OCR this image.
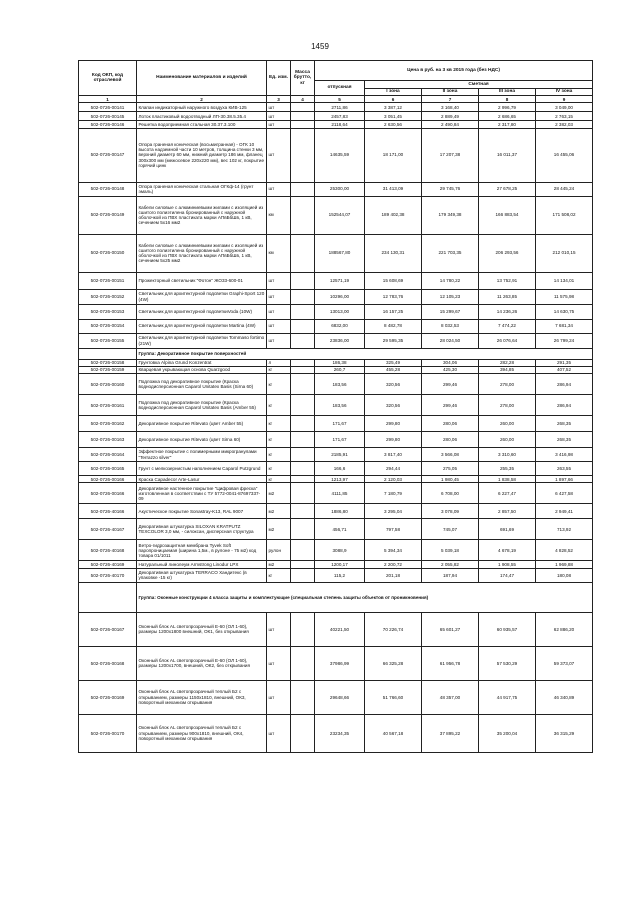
1459
Код ОКП, код отраслевой	Наименование материалов и изделий	Ед. изм.	Масса брутто, кг	Цена в руб. на 3 кв 2015 года (без НДС)				
				отпускная	Сметная			
					I зона	II зона	III зона	IV зона
1	2	3	4	5	6	7	8	9
502-0726-00141	Клапан индикаторный наружного воздуха КИВ-125	шт		2711,86	3 387,12	3 168,40	2 996,79	3 049,00
502-0726-00145	Лоток пластиковый водоотводный ЛП-30.38.5.35.4	шт		2457,83	3 051,45	2 889,49	2 686,65	2 763,15
502-0726-00146	Решетка водоприемная стальная 30.37.3.100	шт		2118,64	2 630,56	2 490,84	2 317,80	2 382,03
502-0726-00147	Опора граненая коническая (восьмигранная) - ОГК 10 высота надземной части 10 метров, толщина стенки 3 мм, верхний диаметр 60 мм, нижний диаметр 186 мм, фланец 300х300 мм (межосевое 220х220 мм), вес 102 кг, покрытие горячий цинк	шт		14635,59	18 171,00	17 207,38	16 011,37	16 455,06
502-0726-00148	Опора граненая коническая стальная ОГКф-14 (грунт эмаль)	шт		25300,00	31 413,09	29 745,76	27 678,25	28 445,24
502-0726-00149	Кабели силовые с алюминиевыми жилами с изоляцией из сшитого полиэтилена бронированный с наружной оболочкой из ПВХ пластиката марки АПвБбШв, 1 кВ, сечением 5х16 мм2	км		152544,07	189 402,38	179 349,38	166 883,54	171 508,02
502-0726-00150	Кабели силовые с алюминиевыми жилами с изоляцией из сшитого полиэтилена бронированный с наружной оболочкой из ПВХ пластиката марки АПвБбШв, 1 кВ, сечением 5х25 мм2	км		188567,80	234 130,31	221 703,35	206 293,56	212 010,15
502-0726-00151	Прожекторный светильник "Фотон" ЖО33-600-01	шт		12571,19	15 608,69	14 780,22	13 752,91	14 134,01
502-0726-00152	Светильник для архитектурной подсветки Graphi-Sport 120 (4W)	шт		10296,00	12 783,76	12 105,23	11 263,85	11 575,98
502-0726-00153	Светильник для архитектурной подсветкиVoda (10W)	шт		13013,00	16 157,25	15 299,67	14 236,26	14 630,75
502-0726-00154	Светильник для архитектурной подсветки Martina (4W)	шт		6832,00	8 482,78	8 032,53	7 474,22	7 681,34
502-0726-00155	Светильник для архитектурной подсветки Tommaso fortimo (21W)	шт		23836,00	29 595,35	28 024,50	26 076,64	26 799,24
	Группа: Декоративное покрытие поверхностей							
502-0726-00158	Грунтовка Alpina Grund Konzentrat	л		186,38	325,49	304,06	282,28	291,35
502-0726-00159	Кварцевая укрывающая основа Quarzgood	кг		260,7	455,28	425,30	394,85	407,52
502-0726-00160	Подложка под декоративное покрытие (Краска воднодисперсионная Caparol Unitatex Basis (Sirna 60)	кг		183,56	320,56	299,46	278,00	286,94
502-0726-00161	Подложка под декоративное покрытие (Краска воднодисперсионная Caparol Unitatex Basis (Amber 55)	кг		183,56	320,56	299,46	278,00	286,94
502-0726-00162	Декоративное покрытие Ritevato (цвет Amber 55)	кг		171,67	299,80	280,06	260,00	268,35
502-0726-00163	Декоративное покрытие Ritevato (цвет Sirna 60)	кг		171,67	299,80	280,06	260,00	268,35
502-0726-00164	Эффектное покрытие с полимерными микрогранулами "Terrazzo silver"	кг		2185,91	3 817,40	3 566,08	3 310,60	3 416,98
502-0726-00165	Грунт с мелкозернистым наполнением Caparol Putzgrund	кг		166,6	294,44	275,05	255,35	263,55
502-0726-00166	Краска Capadecor Arte-Lasur	кг		1213,97	2 120,03	1 980,45	1 838,58	1 897,66
502-0726-00166	Декоративное настенное покрытие "Цифровая фреска" изготовленная в соответствии с ТУ 5772-0041-87697337-09	м2		4111,85	7 180,79	6 708,00	6 227,47	6 427,58
502-0726-40166	Акустическое покрытие Sonastray-K13, RAL 9007	м2		1886,80	3 295,04	3 078,09	2 857,50	2 949,41
502-0726-40167	Декоративная штукатурка SILOXAN KRATPUTZ TEXCOLOR 3,0 мм, - силоксан, дисперсная структура	м2		456,71	797,58	745,07	691,69	713,92
502-0726-40168	Ветро-гидрозащитная мембрана Tyvek Soft паропроницаемая (ширина 1,5м., в рулоне - 75 м2) код товара 01/1011	рулон		3088,9	5 394,34	5 039,18	4 678,19	4 828,52
502-0726-40169	Натуральный линолеум Armstrong Linodur LPX	м2		1200,17	2 200,72	2 055,82	1 908,55	1 969,88
502-0726-40170	Декоративная штукатурка TERRACO Хандитекс (в упаковке -15 кг)	кг		115,2	201,18	187,94	174,47	180,08
	Группа: Оконные конструкции 4 класса защиты и комплектующие (специальная степень защиты объектов от проникновения)							
502-0726-00167	Оконный блок AL светопрозрачный Е-60 (ОЛ 1-60), размеры 1200х1800 внешний, ОК1, без открывания	шт		40221,50	70 226,74	65 601,27	60 935,57	62 886,20
502-0726-00168	Оконный блок AL светопрозрачный Е-60 (ОЛ 1-60), размеры 1200х1700, внешний, ОК2, без открывания	шт		37986,99	66 325,28	61 956,78	57 530,29	59 373,07
502-0726-00169	Оконный блок AL светопрозрачный теплый Б2 с открыванием, размеры 1150х1810, внешний, ОК3, поворотный механизм открывания	шт		29648,66	51 766,60	48 357,00	44 917,75	46 340,89
502-0726-00170	Оконный блок AL светопрозрачный теплый Б2 с открыванием, размеры 900х1810, внешний, ОК4, поворотный механизм открывания	шт		23234,35	40 567,18	37 895,22	35 200,04	36 315,29
